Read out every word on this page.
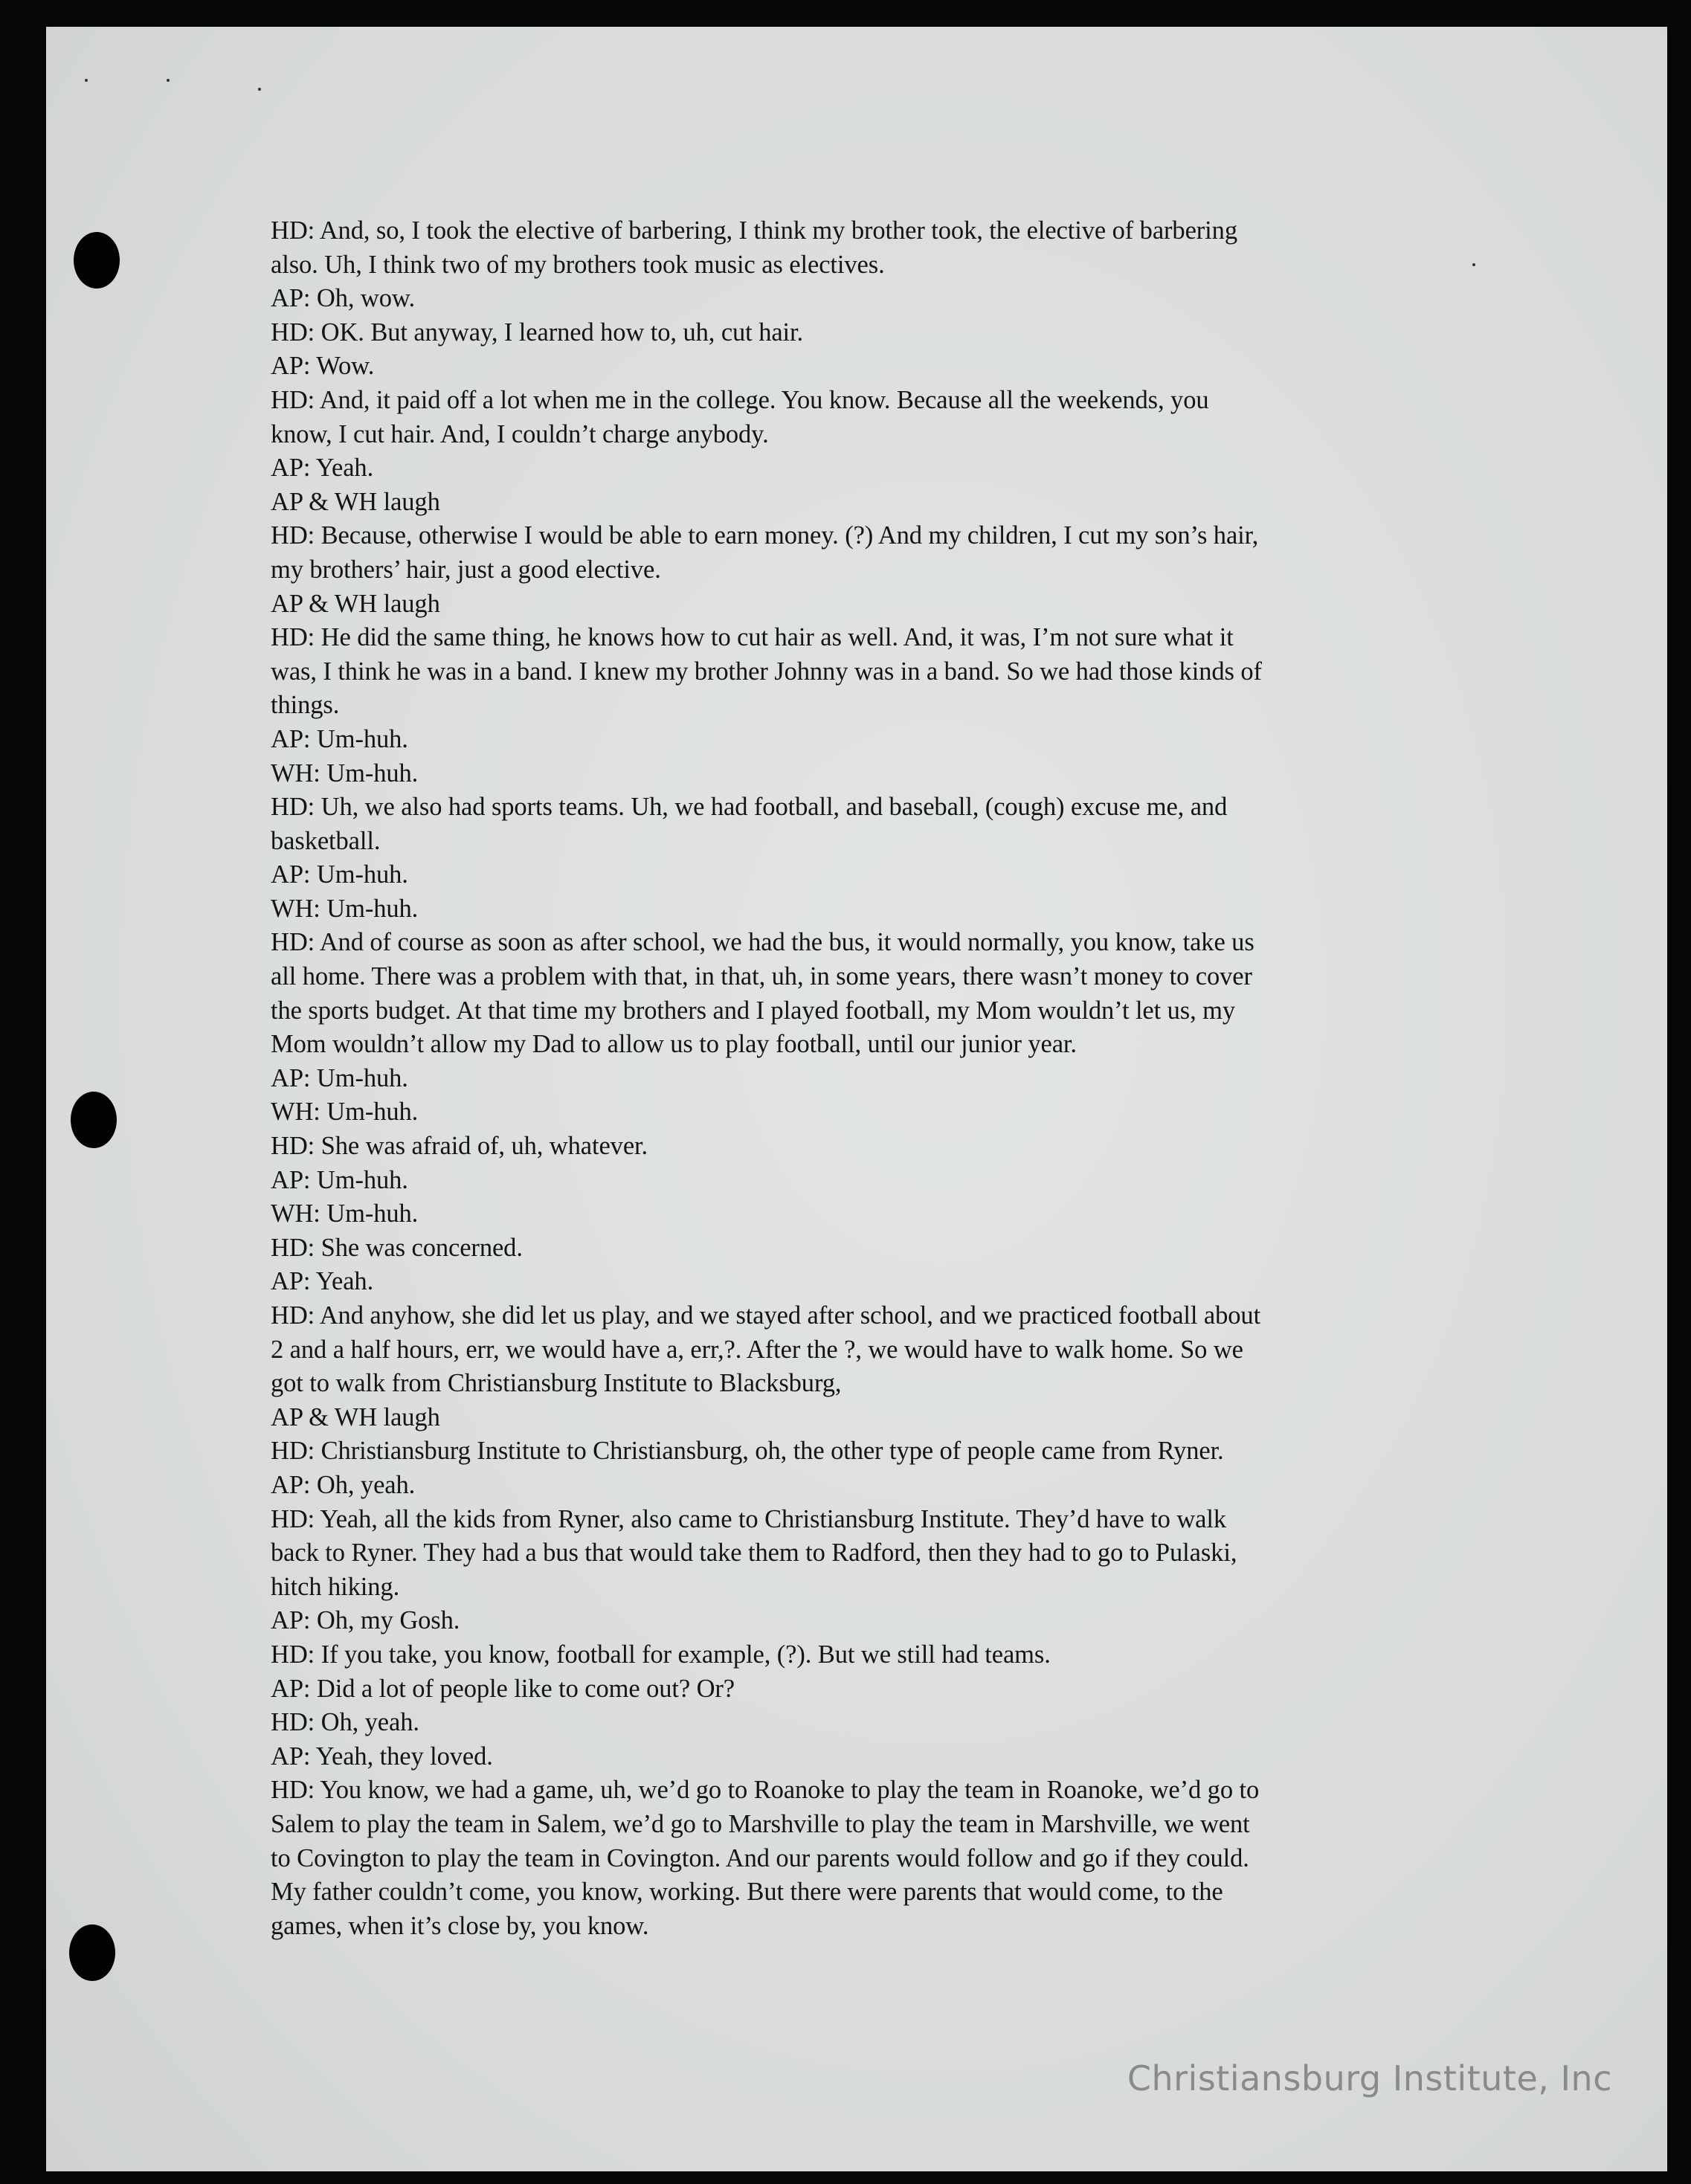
HD: And, so, I took the elective of barbering, I think my brother took, the elective of barbering

also. Uh, I think two of my brothers took music as electives.

AP: Oh, wow.

HD: OK. But anyway, I learned how to, uh, cut hair.

AP: Wow.

HD: And, it paid off a lot when me in the college. You know. Because all the weekends, you

know, I cut hair. And, I couldn’t charge anybody.

AP: Yeah.

AP & WH laugh

HD: Because, otherwise I would be able to earn money. (?) And my children, I cut my son’s hair,

my brothers’ hair, just a good elective.

AP & WH laugh

HD: He did the same thing, he knows how to cut hair as well. And, it was, I’m not sure what it

was, I think he was in a band. I knew my brother Johnny was in a band. So we had those kinds of

things.

AP: Um-huh.

WH: Um-huh.

HD: Uh, we also had sports teams. Uh, we had football, and baseball, (cough) excuse me, and

basketball.

AP: Um-huh.

WH: Um-huh.

HD: And of course as soon as after school, we had the bus, it would normally, you know, take us

all home. There was a problem with that, in that, uh, in some years, there wasn’t money to cover

the sports budget. At that time my brothers and I played football, my Mom wouldn’t let us, my

Mom wouldn’t allow my Dad to allow us to play football, until our junior year.

AP: Um-huh.

WH: Um-huh.

HD: She was afraid of, uh, whatever.

AP: Um-huh.

WH: Um-huh.

HD: She was concerned.

AP: Yeah.

HD: And anyhow, she did let us play, and we stayed after school, and we practiced football about

2 and a half hours, err, we would have a, err,?. After the ?, we would have to walk home. So we

got to walk from Christiansburg Institute to Blacksburg,

AP & WH laugh

HD: Christiansburg Institute to Christiansburg, oh, the other type of people came from Ryner.

AP: Oh, yeah.

HD: Yeah, all the kids from Ryner, also came to Christiansburg Institute. They’d have to walk

back to Ryner. They had a bus that would take them to Radford, then they had to go to Pulaski,

hitch hiking.

AP: Oh, my Gosh.

HD: If you take, you know, football for example, (?). But we still had teams.

AP: Did a lot of people like to come out? Or?

HD: Oh, yeah.

AP: Yeah, they loved.

HD: You know, we had a game, uh, we’d go to Roanoke to play the team in Roanoke, we’d go to

Salem to play the team in Salem, we’d go to Marshville to play the team in Marshville, we went

to Covington to play the team in Covington. And our parents would follow and go if they could.

My father couldn’t come, you know, working. But there were parents that would come, to the

games, when it’s close by, you know.

Christiansburg Institute, Inc
